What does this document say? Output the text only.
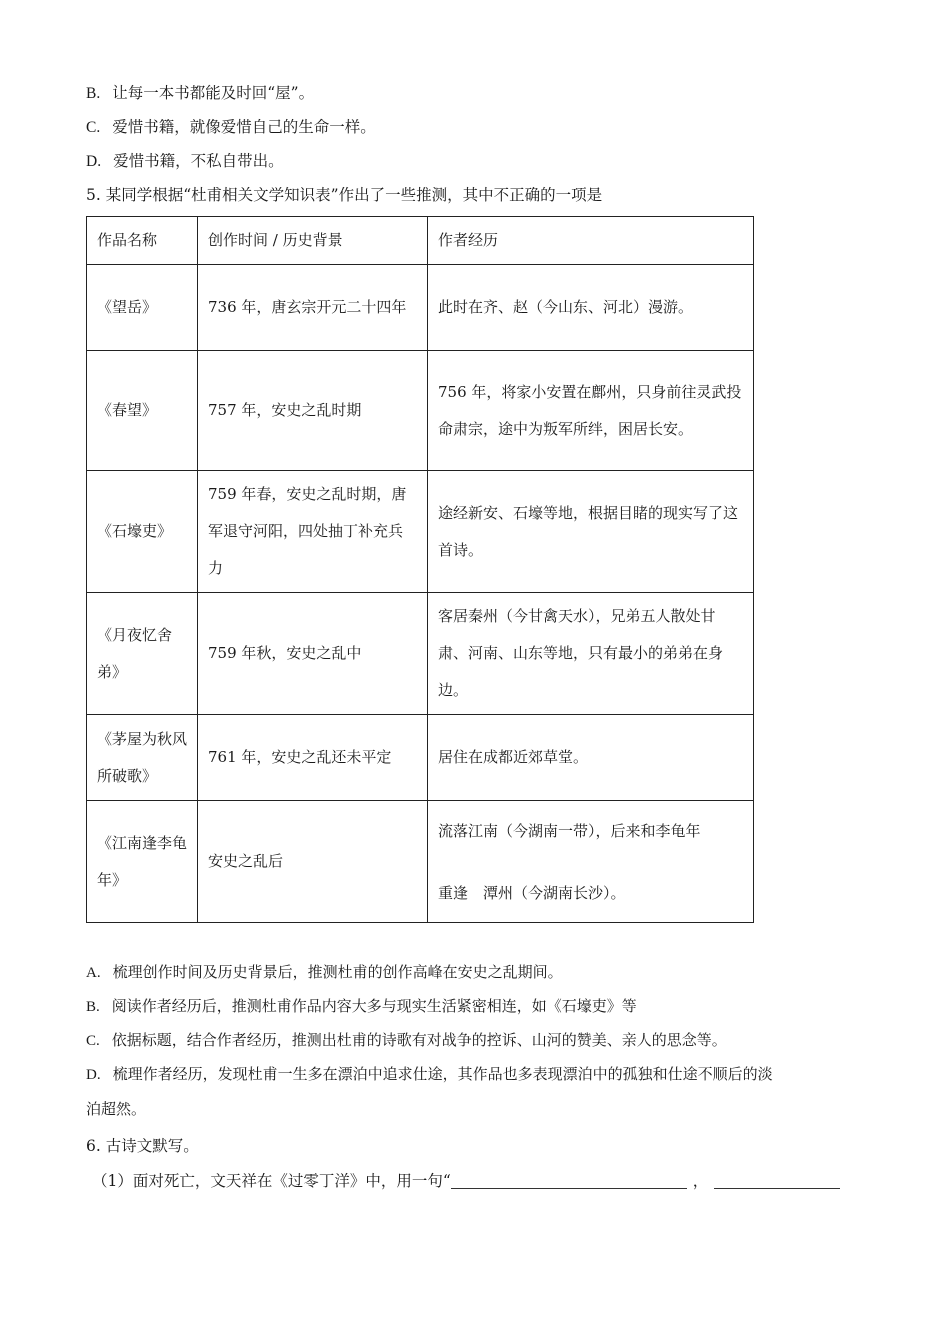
B. 让每一本书都能及时回“屋”。
C. 爱惜书籍，就像爱惜自己的生命一样。
D. 爱惜书籍，不私自带出。
5. 某同学根据“杜甫相关文学知识表”作出了一些推测，其中不正确的一项是
作品名称	创作时间 / 历史背景	作者经历
《望岳》	736 年，唐玄宗开元二十四年	此时在齐、赵（今山东、河北）漫游。
《春望》	757 年，安史之乱时期	756 年，将家小安置在鄜州，只身前往灵武投命肃宗，途中为叛军所绊，困居长安。
《石壕吏》	759 年春，安史之乱时期，唐军退守河阳，四处抽丁补充兵力	途经新安、石壕等地，根据目睹的现实写了这首诗。
《月夜忆舍弟》	759 年秋，安史之乱中	客居秦州（今甘禽天水），兄弟五人散处甘肃、河南、山东等地，只有最小的弟弟在身边。
《茅屋为秋风所破歌》	761 年，安史之乱还未平定	居住在成都近郊草堂。
《江南逢李龟年》	安史之乱后	流落江南（今湖南一带），后来和李龟年
重逢　潭州（今湖南长沙）。
A. 梳理创作时间及历史背景后，推测杜甫的创作高峰在安史之乱期间。
B. 阅读作者经历后，推测杜甫作品内容大多与现实生活紧密相连，如《石壕吏》等
C. 依据标题，结合作者经历，推测出杜甫的诗歌有对战争的控诉、山河的赞美、亲人的思念等。
D. 梳理作者经历，发现杜甫一生多在漂泊中追求仕途，其作品也多表现漂泊中的孤独和仕途不顺后的淡
泊超然。
6. 古诗文默写。
（1）面对死亡，文天祥在《过零丁洋》中，用一句“	，
